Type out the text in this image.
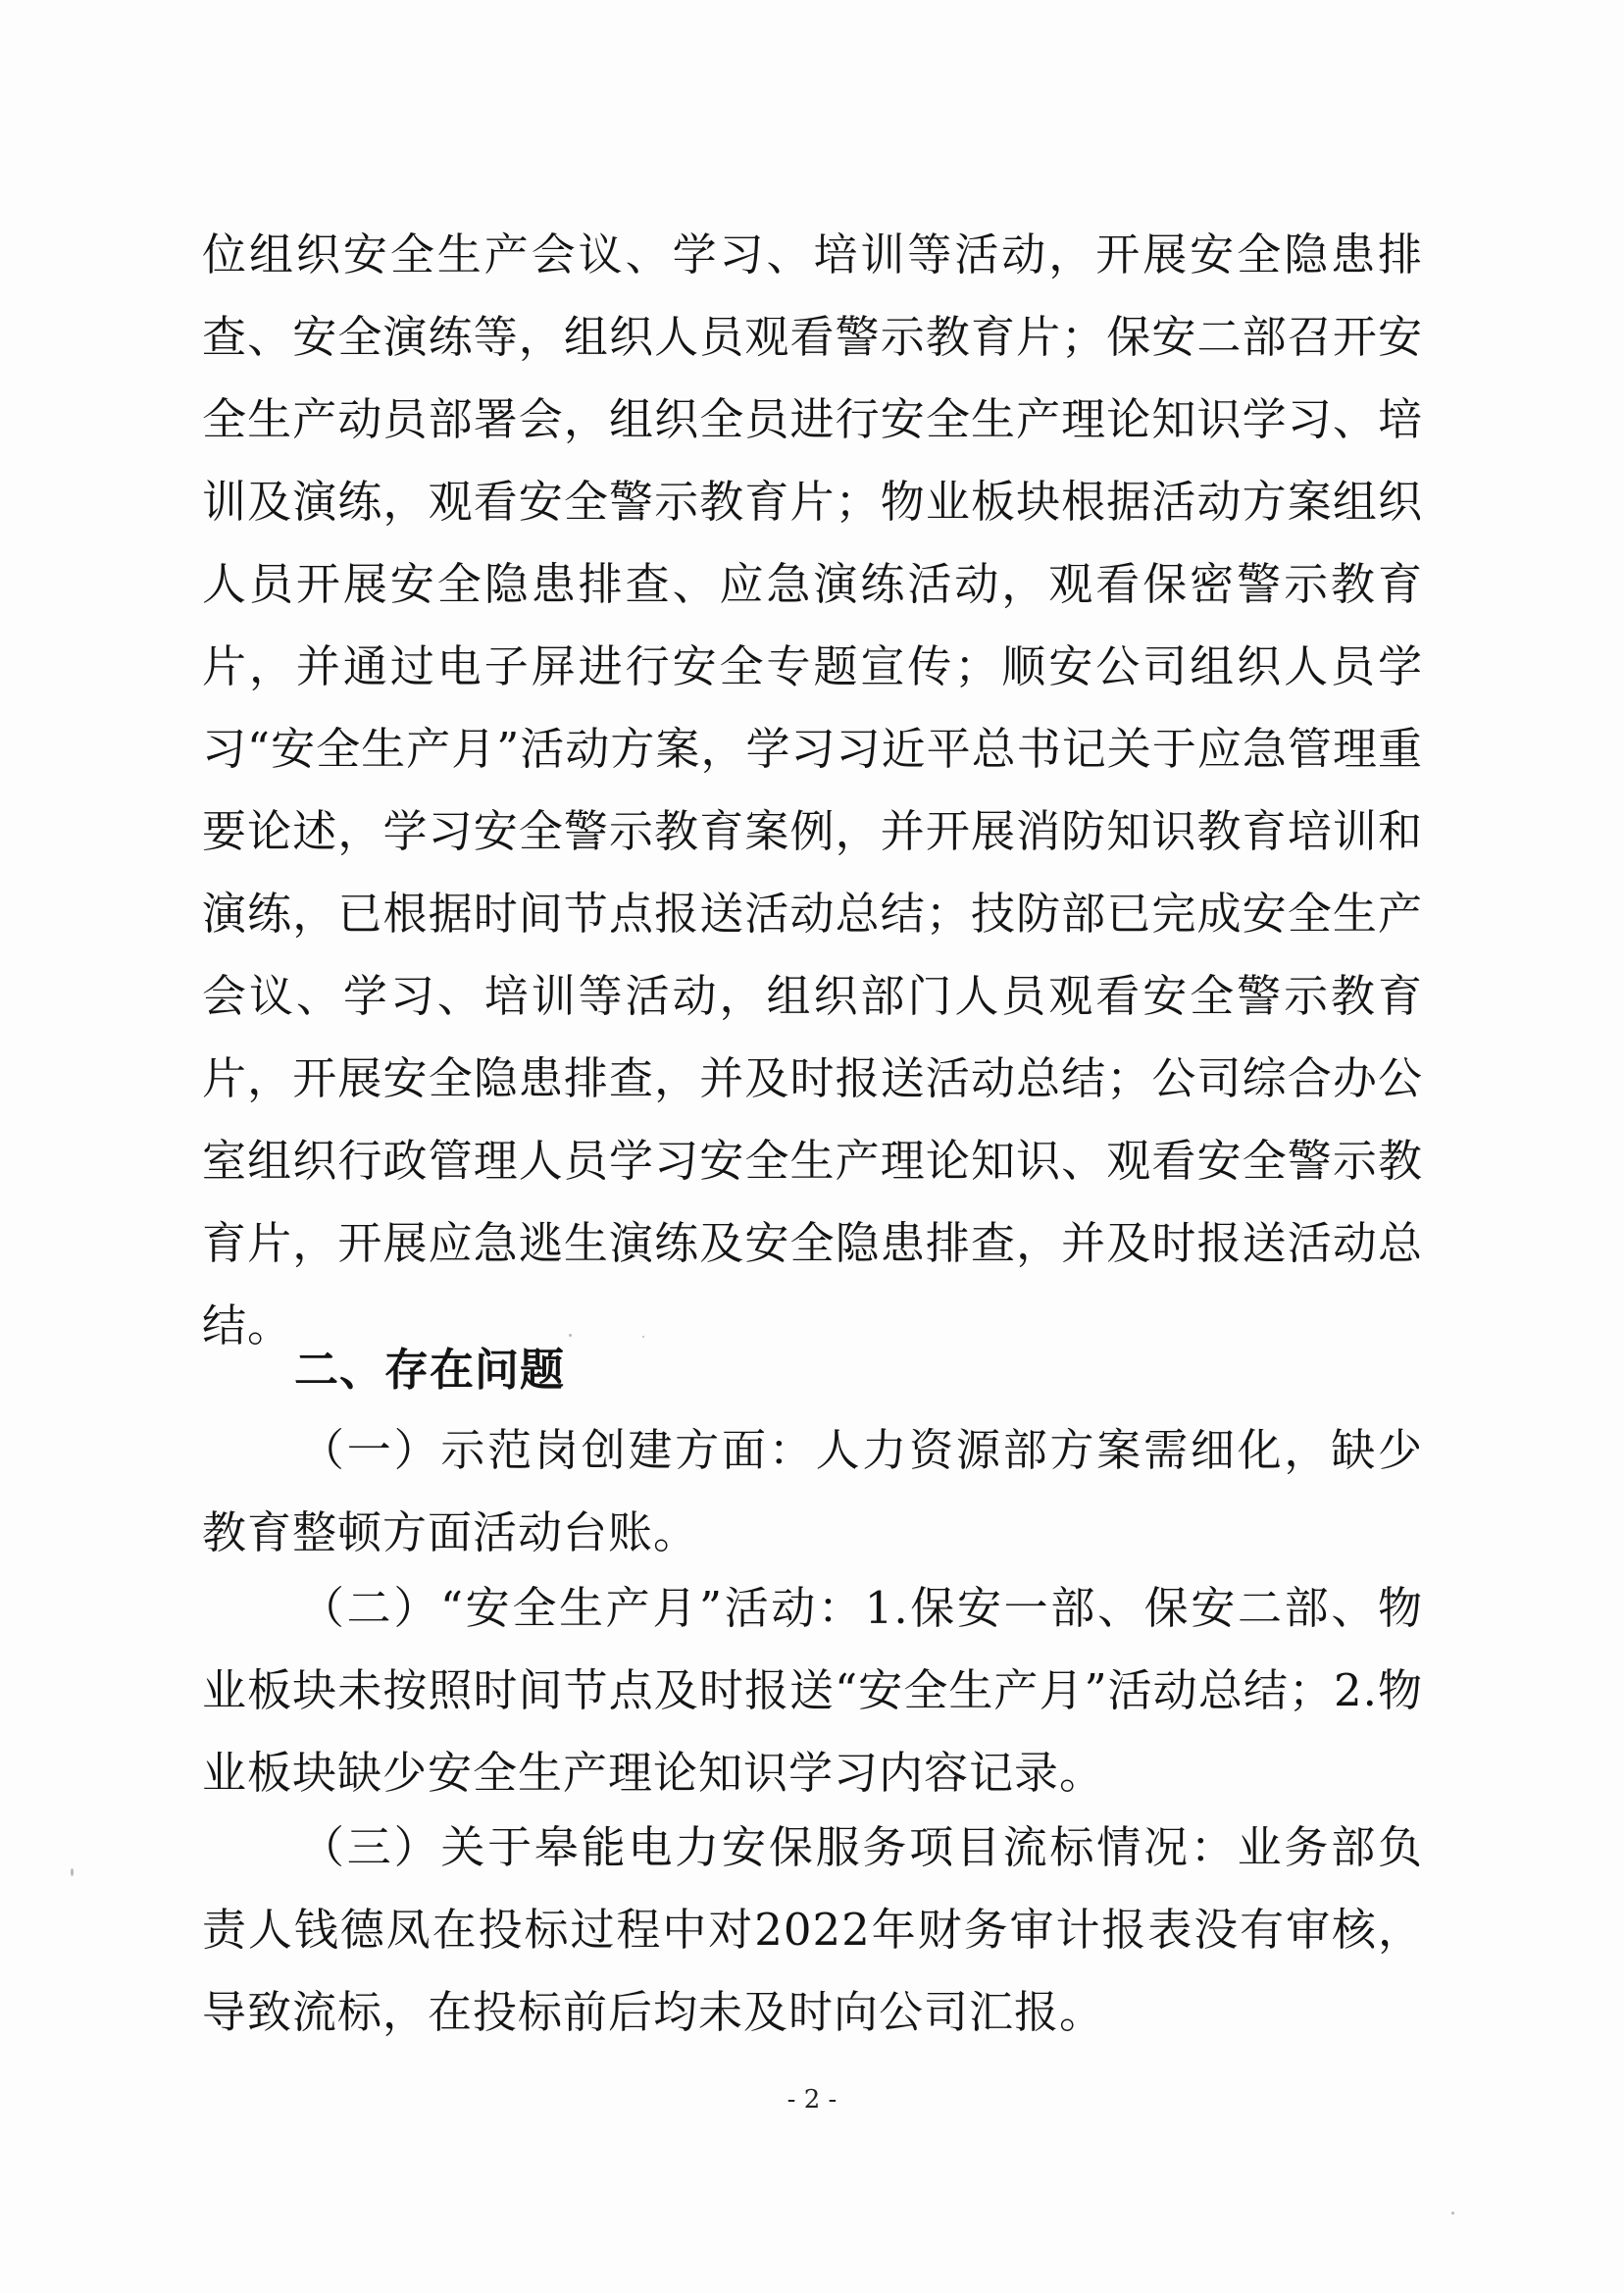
位组织安全生产会议、学习、培训等活动，开展安全隐患排查、安全演练等，组织人员观看警示教育片；保安二部召开安全生产动员部署会，组织全员进行安全生产理论知识学习、培训及演练，观看安全警示教育片；物业板块根据活动方案组织人员开展安全隐患排查、应急演练活动，观看保密警示教育片，并通过电子屏进行安全专题宣传；顺安公司组织人员学习“安全生产月”活动方案，学习习近平总书记关于应急管理重要论述，学习安全警示教育案例，并开展消防知识教育培训和演练，已根据时间节点报送活动总结；技防部已完成安全生产会议、学习、培训等活动，组织部门人员观看安全警示教育片，开展安全隐患排查，并及时报送活动总结；公司综合办公室组织行政管理人员学习安全生产理论知识、观看安全警示教育片，开展应急逃生演练及安全隐患排查，并及时报送活动总结。

二、存在问题

（一）示范岗创建方面：人力资源部方案需细化，缺少教育整顿方面活动台账。

（二）“安全生产月”活动：1.保安一部、保安二部、物业板块未按照时间节点及时报送“安全生产月”活动总结；2.物业板块缺少安全生产理论知识学习内容记录。

（三）关于皋能电力安保服务项目流标情况：业务部负责人钱德凤在投标过程中对2022年财务审计报表没有审核，导致流标，在投标前后均未及时向公司汇报。

- 2 -
